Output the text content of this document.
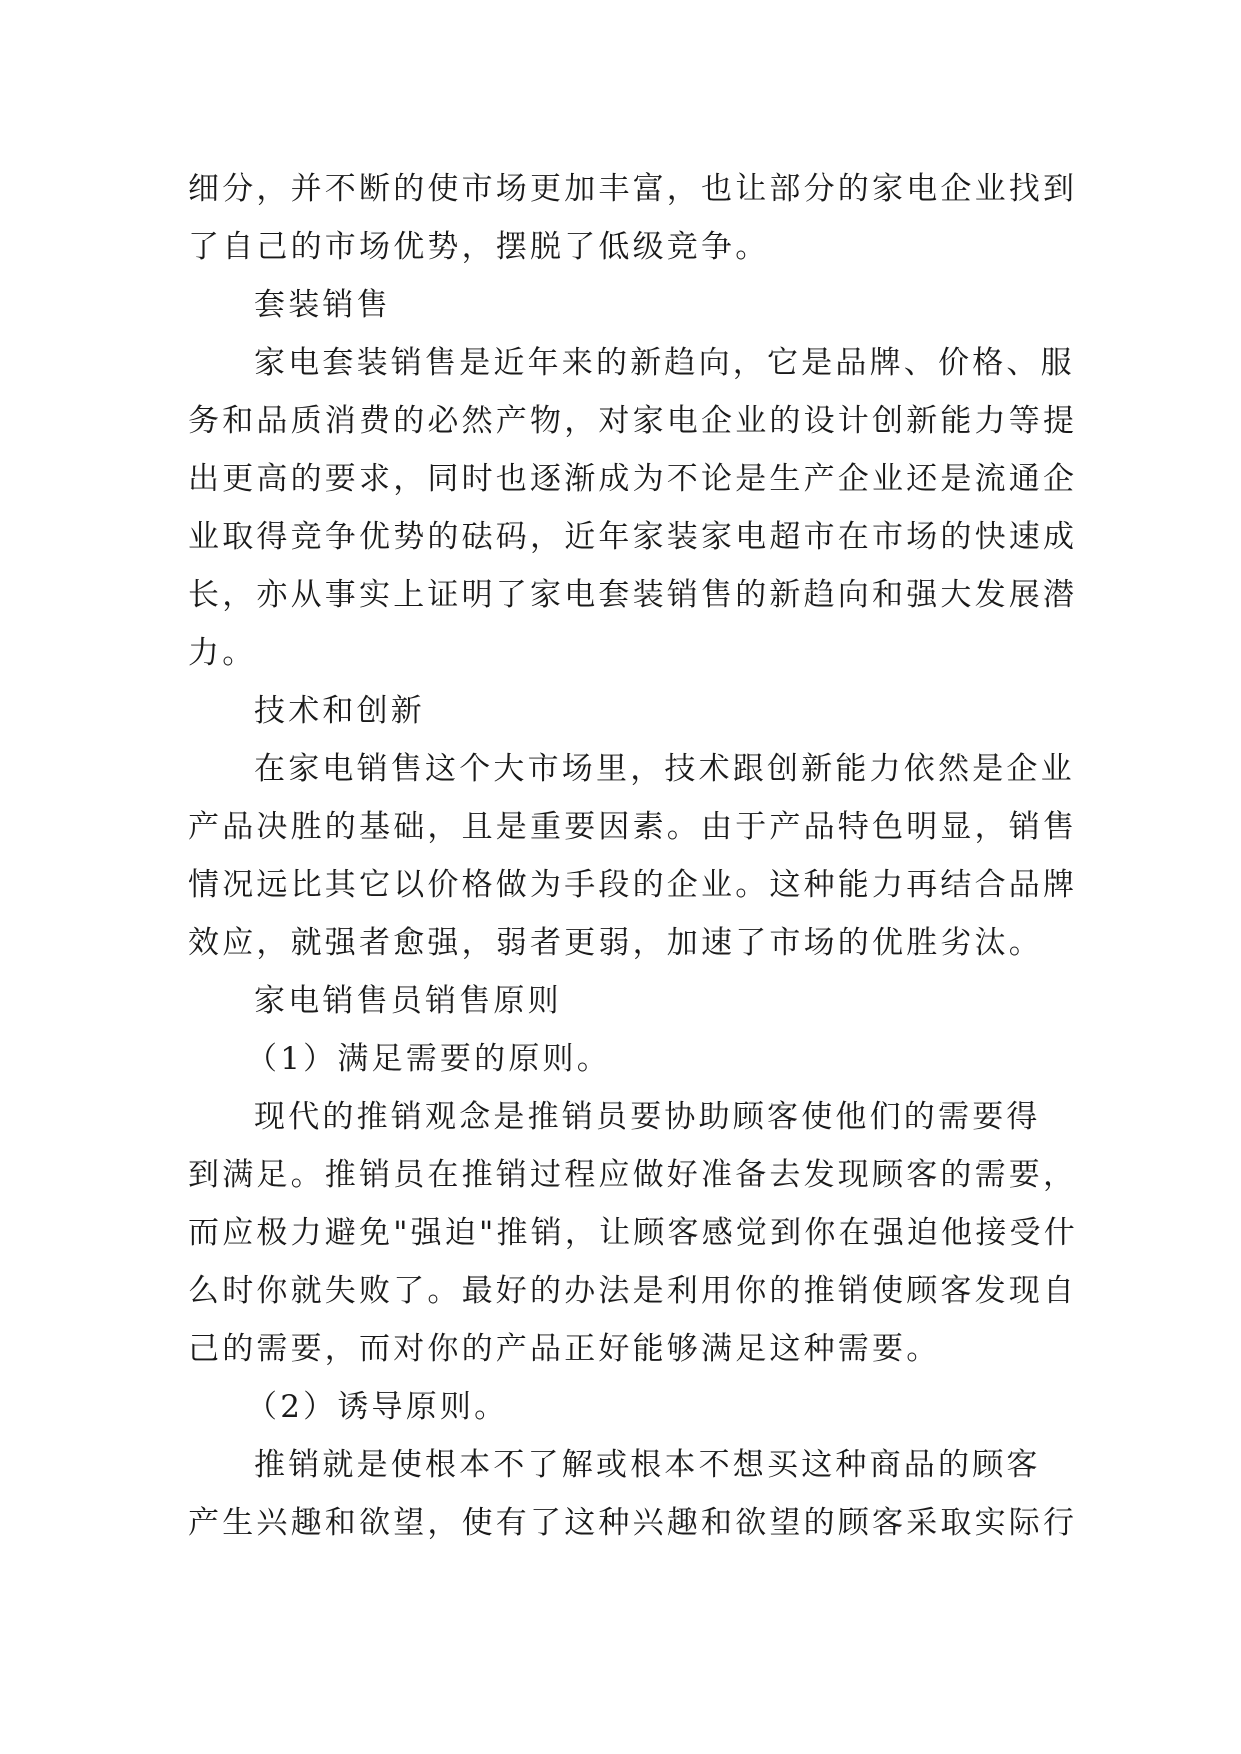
细分，并不断的使市场更加丰富，也让部分的家电企业找到
了自己的市场优势，摆脱了低级竞争。
套装销售
家电套装销售是近年来的新趋向，它是品牌、价格、服
务和品质消费的必然产物，对家电企业的设计创新能力等提
出更高的要求，同时也逐渐成为不论是生产企业还是流通企
业取得竞争优势的砝码，近年家装家电超市在市场的快速成
长，亦从事实上证明了家电套装销售的新趋向和强大发展潜
力。
技术和创新
在家电销售这个大市场里，技术跟创新能力依然是企业
产品决胜的基础，且是重要因素。由于产品特色明显，销售
情况远比其它以价格做为手段的企业。这种能力再结合品牌
效应，就强者愈强，弱者更弱，加速了市场的优胜劣汰。
家电销售员销售原则
（1）满足需要的原则。
现代的推销观念是推销员要协助顾客使他们的需要得
到满足。推销员在推销过程应做好准备去发现顾客的需要，
而应极力避免"强迫"推销，让顾客感觉到你在强迫他接受什
么时你就失败了。最好的办法是利用你的推销使顾客发现自
己的需要，而对你的产品正好能够满足这种需要。
（2）诱导原则。
推销就是使根本不了解或根本不想买这种商品的顾客
产生兴趣和欲望，使有了这种兴趣和欲望的顾客采取实际行
